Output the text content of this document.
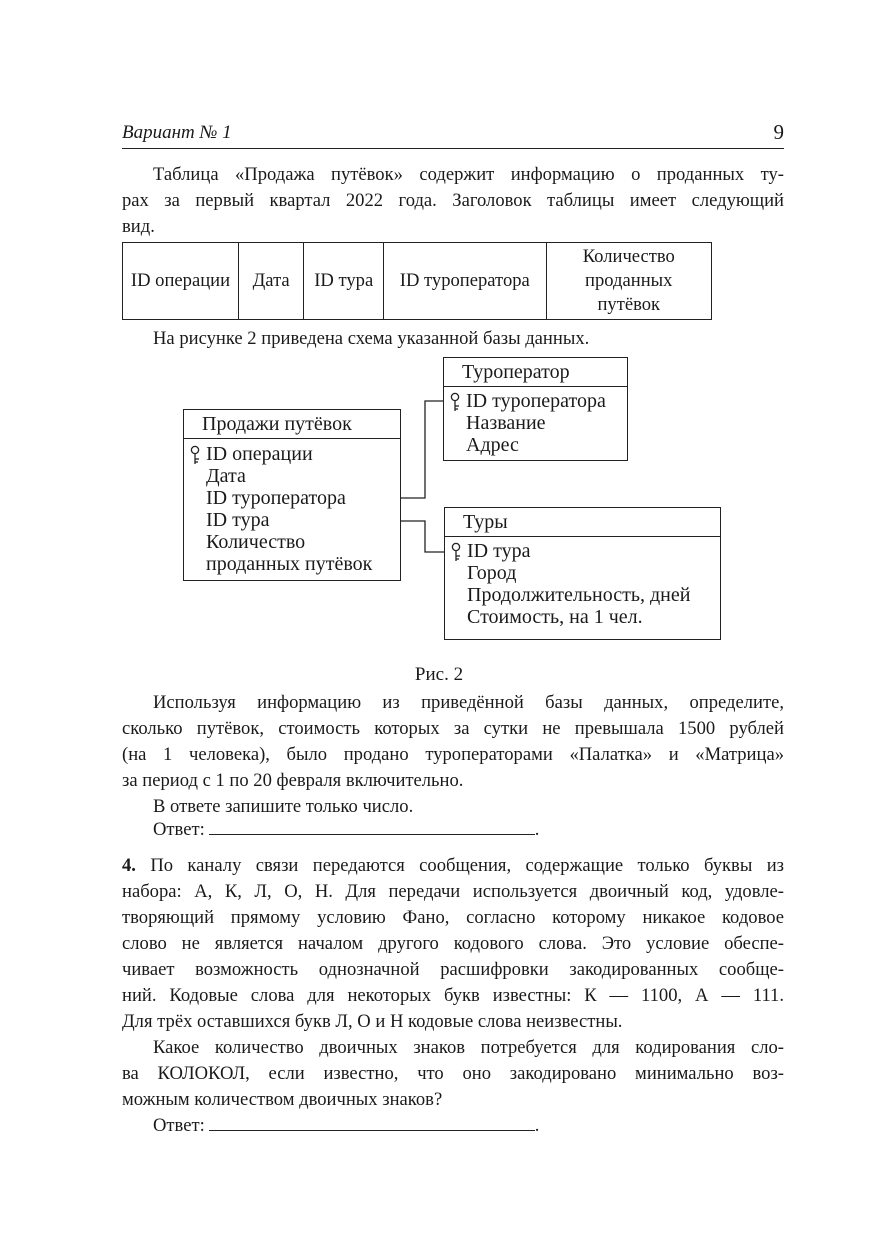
Вариант № 1	9
Таблица «Продажа путёвок» содержит информацию о проданных ту-
рах за первый квартал 2022 года. Заголовок таблицы имеет следующий
вид.
ID операции	Дата	ID тура	ID туроператора	Количество проданных путёвок
На рисунке 2 приведена схема указанной базы данных.
Продажи путёвок
ID операции
Дата
ID туроператора
ID тура
Количество
проданных путёвок
Туроператор
ID туроператора
Название
Адрес
Туры
ID тура
Город
Продолжительность, дней
Стоимость, на 1 чел.
Рис. 2
Используя информацию из приведённой базы данных, определите,
сколько путёвок, стоимость которых за сутки не превышала 1500 рублей
(на 1 человека), было продано туроператорами «Палатка» и «Матрица»
за период с 1 по 20 февраля включительно.
В ответе запишите только число.
Ответ:	.
4. По каналу связи передаются сообщения, содержащие только буквы из
набора: А, К, Л, О, Н. Для передачи используется двоичный код, удовле-
творяющий прямому условию Фано, согласно которому никакое кодовое
слово не является началом другого кодового слова. Это условие обеспе-
чивает возможность однозначной расшифровки закодированных сообще-
ний. Кодовые слова для некоторых букв известны: К — 1100, А — 111.
Для трёх оставшихся букв Л, О и Н кодовые слова неизвестны.
Какое количество двоичных знаков потребуется для кодирования сло-
ва КОЛОКОЛ, если известно, что оно закодировано минимально воз-
можным количеством двоичных знаков?
Ответ:	.
